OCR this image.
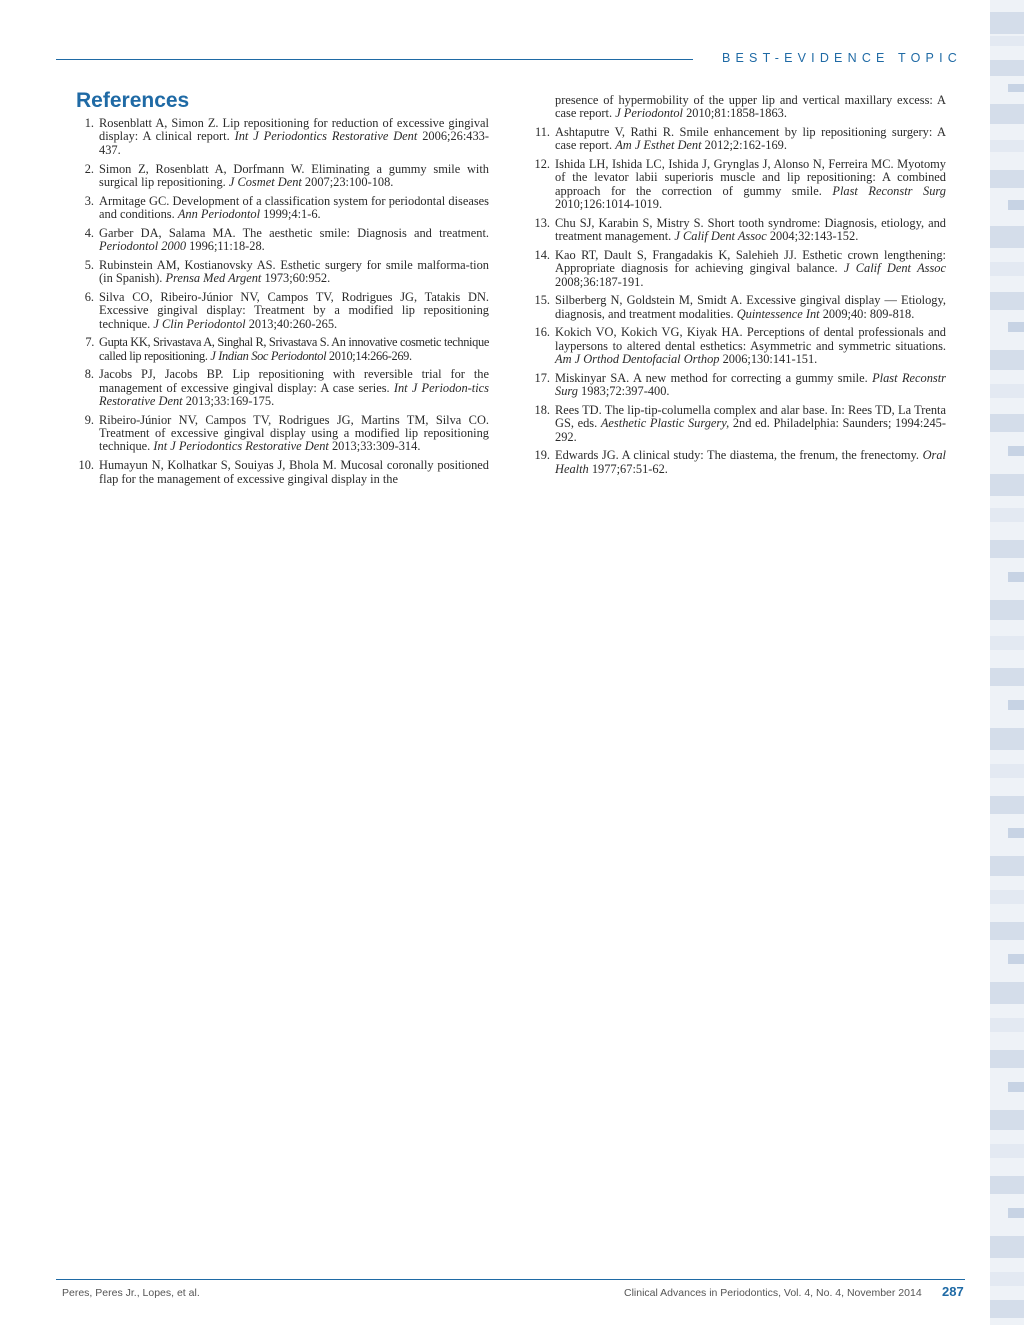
BEST-EVIDENCE TOPIC
References
1. Rosenblatt A, Simon Z. Lip repositioning for reduction of excessive gingival display: A clinical report. Int J Periodontics Restorative Dent 2006;26:433-437.
2. Simon Z, Rosenblatt A, Dorfmann W. Eliminating a gummy smile with surgical lip repositioning. J Cosmet Dent 2007;23:100-108.
3. Armitage GC. Development of a classification system for periodontal diseases and conditions. Ann Periodontol 1999;4:1-6.
4. Garber DA, Salama MA. The aesthetic smile: Diagnosis and treatment. Periodontol 2000 1996;11:18-28.
5. Rubinstein AM, Kostianovsky AS. Esthetic surgery for smile malforma-tion (in Spanish). Prensa Med Argent 1973;60:952.
6. Silva CO, Ribeiro-Júnior NV, Campos TV, Rodrigues JG, Tatakis DN. Excessive gingival display: Treatment by a modified lip repositioning technique. J Clin Periodontol 2013;40:260-265.
7. Gupta KK, Srivastava A, Singhal R, Srivastava S. An innovative cosmetic technique called lip repositioning. J Indian Soc Periodontol 2010;14:266-269.
8. Jacobs PJ, Jacobs BP. Lip repositioning with reversible trial for the management of excessive gingival display: A case series. Int J Periodon-tics Restorative Dent 2013;33:169-175.
9. Ribeiro-Júnior NV, Campos TV, Rodrigues JG, Martins TM, Silva CO. Treatment of excessive gingival display using a modified lip repositioning technique. Int J Periodontics Restorative Dent 2013;33:309-314.
10. Humayun N, Kolhatkar S, Souiyas J, Bhola M. Mucosal coronally positioned flap for the management of excessive gingival display in the
presence of hypermobility of the upper lip and vertical maxillary excess: A case report. J Periodontol 2010;81:1858-1863.
11. Ashtaputre V, Rathi R. Smile enhancement by lip repositioning surgery: A case report. Am J Esthet Dent 2012;2:162-169.
12. Ishida LH, Ishida LC, Ishida J, Grynglas J, Alonso N, Ferreira MC. Myotomy of the levator labii superioris muscle and lip repositioning: A combined approach for the correction of gummy smile. Plast Reconstr Surg 2010;126:1014-1019.
13. Chu SJ, Karabin S, Mistry S. Short tooth syndrome: Diagnosis, etiology, and treatment management. J Calif Dent Assoc 2004;32:143-152.
14. Kao RT, Dault S, Frangadakis K, Salehieh JJ. Esthetic crown lengthening: Appropriate diagnosis for achieving gingival balance. J Calif Dent Assoc 2008;36:187-191.
15. Silberberg N, Goldstein M, Smidt A. Excessive gingival display — Etiology, diagnosis, and treatment modalities. Quintessence Int 2009;40: 809-818.
16. Kokich VO, Kokich VG, Kiyak HA. Perceptions of dental professionals and laypersons to altered dental esthetics: Asymmetric and symmetric situations. Am J Orthod Dentofacial Orthop 2006;130:141-151.
17. Miskinyar SA. A new method for correcting a gummy smile. Plast Reconstr Surg 1983;72:397-400.
18. Rees TD. The lip-tip-columella complex and alar base. In: Rees TD, La Trenta GS, eds. Aesthetic Plastic Surgery, 2nd ed. Philadelphia: Saunders; 1994:245-292.
19. Edwards JG. A clinical study: The diastema, the frenum, the frenectomy. Oral Health 1977;67:51-62.
Peres, Peres Jr., Lopes, et al.	Clinical Advances in Periodontics, Vol. 4, No. 4, November 2014 287
